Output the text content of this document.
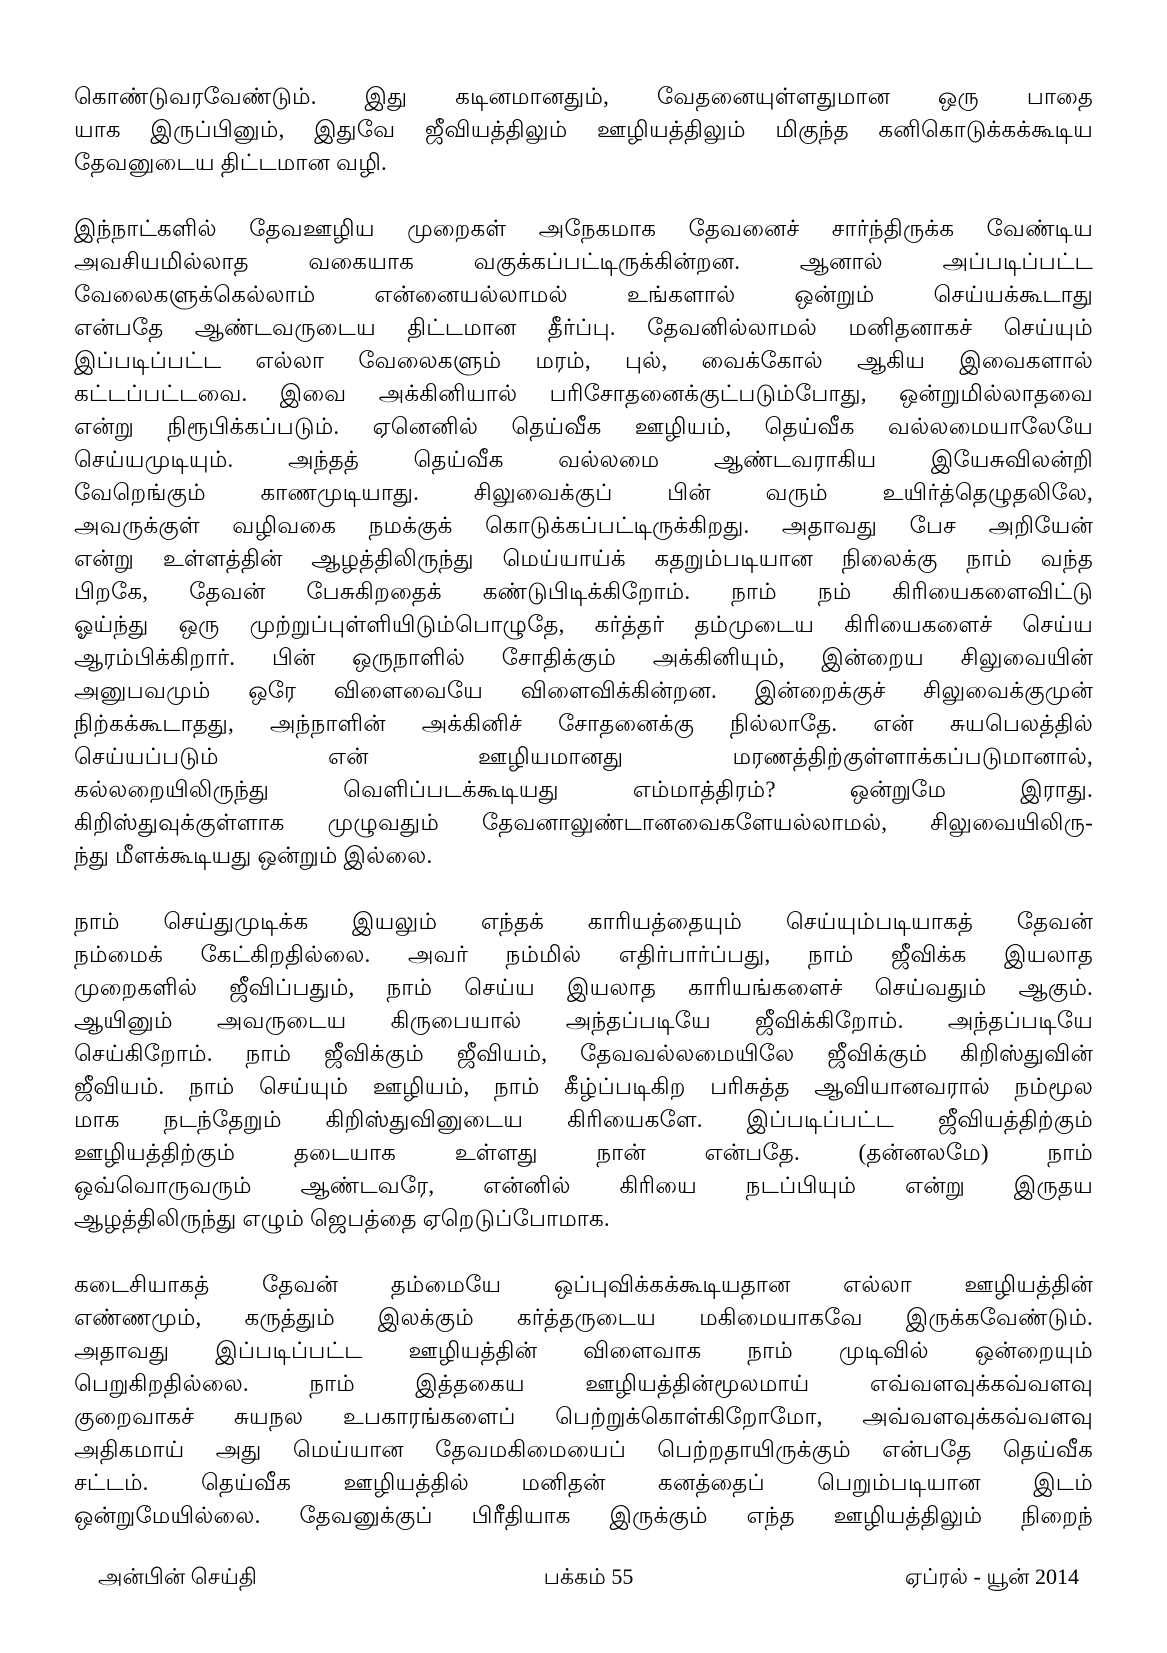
கொண்டுவரவேண்டும். இது கடினமானதும், வேதனையுள்ளதுமான ஒரு பாதை
யாக இருப்பினும், இதுவே ஜீவியத்திலும் ஊழியத்திலும் மிகுந்த கனிகொடுக்கக்கூடிய
தேவனுடைய திட்டமான வழி.
இந்நாட்களில் தேவஊழிய முறைகள் அநேகமாக தேவனைச் சார்ந்திருக்க வேண்டிய
அவசியமில்லாத வகையாக வகுக்கப்பட்டிருக்கின்றன. ஆனால் அப்படிப்பட்ட
வேலைகளுக்கெல்லாம் என்னையல்லாமல் உங்களால் ஒன்றும் செய்யக்கூடாது
என்பதே ஆண்டவருடைய திட்டமான தீர்ப்பு. தேவனில்லாமல் மனிதனாகச் செய்யும்
இப்படிப்பட்ட எல்லா வேலைகளும் மரம், புல், வைக்கோல் ஆகிய இவைகளால்
கட்டப்பட்டவை. இவை அக்கினியால் பரிசோதனைக்குட்படும்போது, ஒன்றுமில்லாதவை
என்று நிரூபிக்கப்படும். ஏனெனில் தெய்வீக ஊழியம், தெய்வீக வல்லமையாலேயே
செய்யமுடியும். அந்தத் தெய்வீக வல்லமை ஆண்டவராகிய இயேசுவிலன்றி
வேறெங்கும் காணமுடியாது. சிலுவைக்குப் பின் வரும் உயிர்த்தெழுதலிலே,
அவருக்குள் வழிவகை நமக்குக் கொடுக்கப்பட்டிருக்கிறது. அதாவது பேச அறியேன்
என்று உள்ளத்தின் ஆழத்திலிருந்து மெய்யாய்க் கதறும்படியான நிலைக்கு நாம் வந்த
பிறகே, தேவன் பேசுகிறதைக் கண்டுபிடிக்கிறோம். நாம் நம் கிரியைகளைவிட்டு
ஓய்ந்து ஒரு முற்றுப்புள்ளியிடும்பொழுதே, கர்த்தர் தம்முடைய கிரியைகளைச் செய்ய
ஆரம்பிக்கிறார். பின் ஒருநாளில் சோதிக்கும் அக்கினியும், இன்றைய சிலுவையின்
அனுபவமும் ஒரே விளைவையே விளைவிக்கின்றன. இன்றைக்குச் சிலுவைக்குமுன்
நிற்கக்கூடாதது, அந்நாளின் அக்கினிச் சோதனைக்கு நில்லாதே. என் சுயபெலத்தில்
செய்யப்படும் என் ஊழியமானது மரணத்திற்குள்ளாக்கப்படுமானால்,
கல்லறையிலிருந்து வெளிப்படக்கூடியது எம்மாத்திரம்? ஒன்றுமே இராது.
கிறிஸ்துவுக்குள்ளாக முழுவதும் தேவனாலுண்டானவைகளேயல்லாமல், சிலுவையிலிரு-
ந்து மீளக்கூடியது ஒன்றும் இல்லை.
நாம் செய்துமுடிக்க இயலும் எந்தக் காரியத்தையும் செய்யும்படியாகத் தேவன்
நம்மைக் கேட்கிறதில்லை. அவர் நம்மில் எதிர்பார்ப்பது, நாம் ஜீவிக்க இயலாத
முறைகளில் ஜீவிப்பதும், நாம் செய்ய இயலாத காரியங்களைச் செய்வதும் ஆகும்.
ஆயினும் அவருடைய கிருபையால் அந்தப்படியே ஜீவிக்கிறோம். அந்தப்படியே
செய்கிறோம். நாம் ஜீவிக்கும் ஜீவியம், தேவவல்லமையிலே ஜீவிக்கும் கிறிஸ்துவின்
ஜீவியம். நாம் செய்யும் ஊழியம், நாம் கீழ்ப்படிகிற பரிசுத்த ஆவியானவரால் நம்மூல
மாக நடந்தேறும் கிறிஸ்துவினுடைய கிரியைகளே. இப்படிப்பட்ட ஜீவியத்திற்கும்
ஊழியத்திற்கும் தடையாக உள்ளது நான் என்பதே. (தன்னலமே) நாம்
ஒவ்வொருவரும் ஆண்டவரே, என்னில் கிரியை நடப்பியும் என்று இருதய
ஆழத்திலிருந்து எழும் ஜெபத்தை ஏறெடுப்போமாக.
கடைசியாகத் தேவன் தம்மையே ஒப்புவிக்கக்கூடியதான எல்லா ஊழியத்தின்
எண்ணமும், கருத்தும் இலக்கும் கர்த்தருடைய மகிமையாகவே இருக்கவேண்டும்.
அதாவது இப்படிப்பட்ட ஊழியத்தின் விளைவாக நாம் முடிவில் ஒன்றையும்
பெறுகிறதில்லை. நாம் இத்தகைய ஊழியத்தின்மூலமாய் எவ்வளவுக்கவ்வளவு
குறைவாகச் சுயநல உபகாரங்களைப் பெற்றுக்கொள்கிறோமோ, அவ்வளவுக்கவ்வளவு
அதிகமாய் அது மெய்யான தேவமகிமையைப் பெற்றதாயிருக்கும் என்பதே தெய்வீக
சட்டம். தெய்வீக ஊழியத்தில் மனிதன் கனத்தைப் பெறும்படியான இடம்
ஒன்றுமேயில்லை. தேவனுக்குப் பிரீதியாக இருக்கும் எந்த ஊழியத்திலும் நிறைந்
அன்பின் செய்தி	பக்கம் 55	ஏப்ரல் - யூன் 2014
